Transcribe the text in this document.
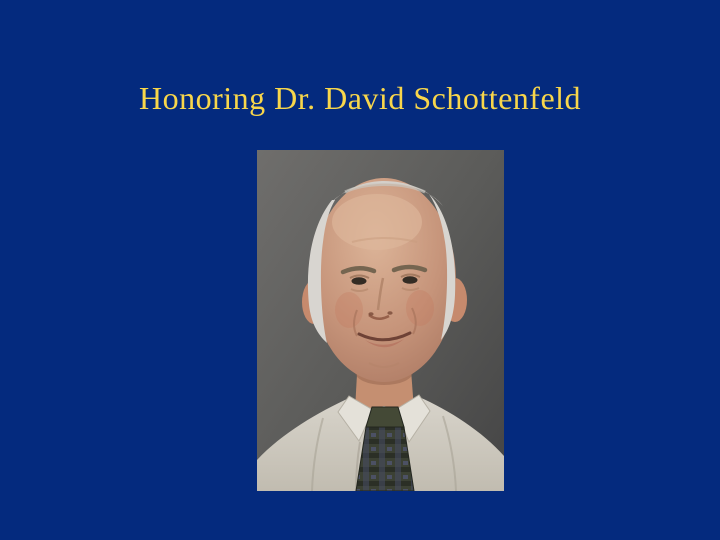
Honoring Dr. David Schottenfeld
